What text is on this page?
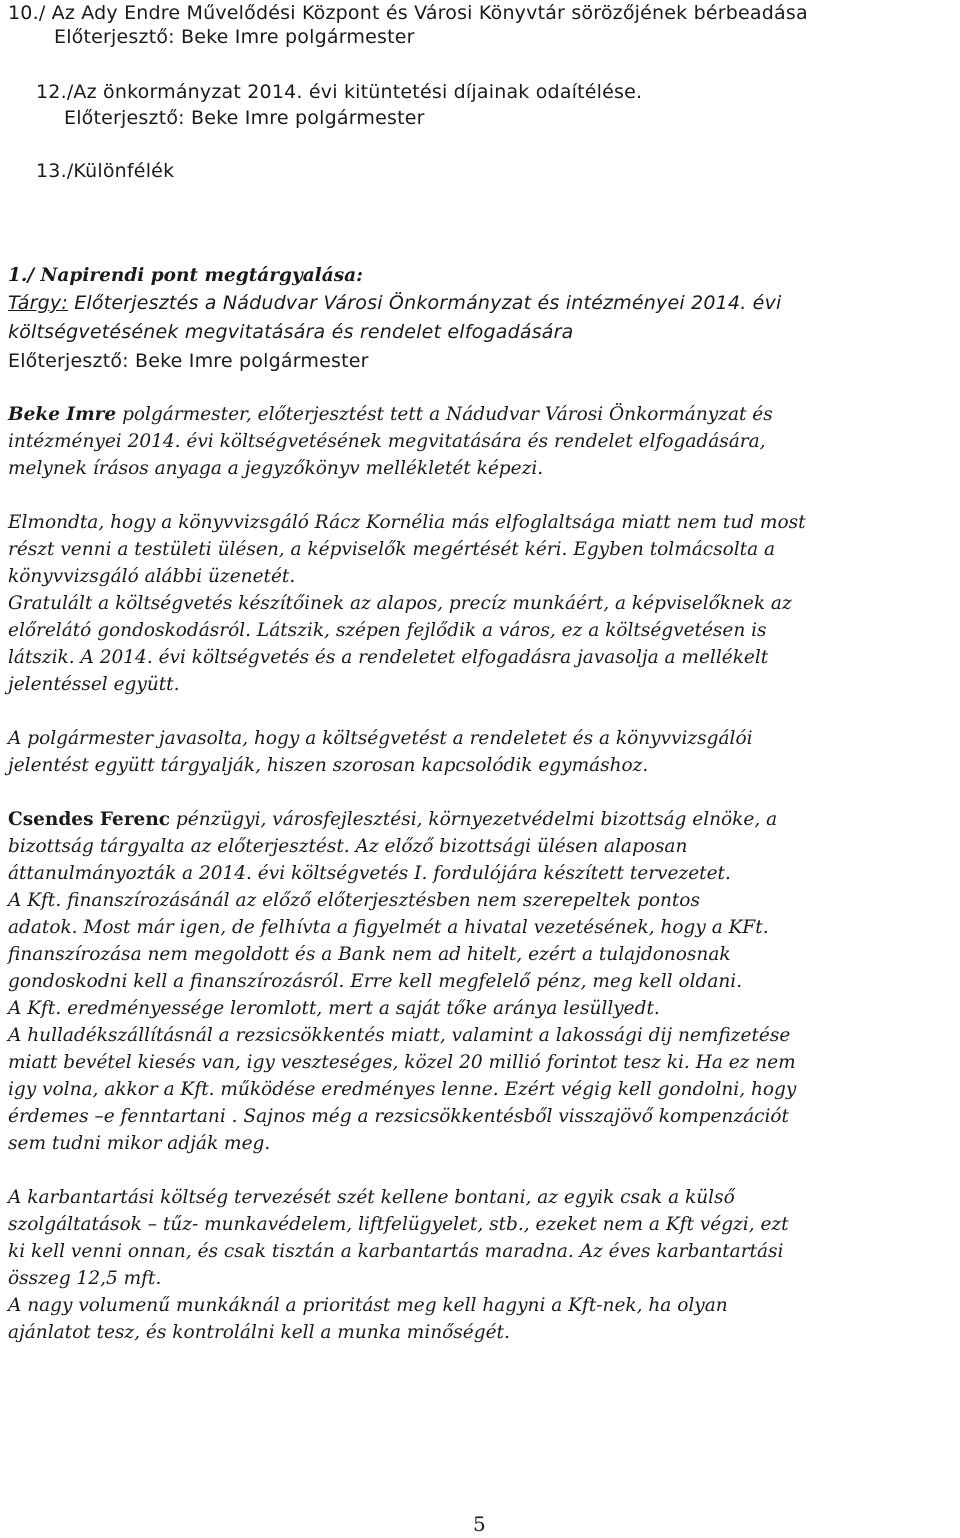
10./ Az Ady Endre Művelődési Központ és Városi Könyvtár sörözőjének bérbeadása
Előterjesztő: Beke Imre polgármester
12./Az önkormányzat 2014. évi kitüntetési díjainak odaítélése.
Előterjesztő: Beke Imre polgármester
13./Különfélék
1./ Napirendi pont megtárgyalása:
Tárgy: Előterjesztés a Nádudvar Városi Önkormányzat és intézményei 2014. évi
költségvetésének megvitatására és rendelet elfogadására
Előterjesztő: Beke Imre polgármester
Beke Imre polgármester, előterjesztést tett a Nádudvar Városi Önkormányzat és
intézményei 2014. évi költségvetésének megvitatására és rendelet elfogadására,
melynek írásos anyaga a jegyzőkönyv mellékletét képezi.
Elmondta, hogy a könyvvizsgáló Rácz Kornélia más elfoglaltsága miatt nem tud most
részt venni a testületi ülésen, a képviselők megértését kéri. Egyben tolmácsolta a
könyvvizsgáló alábbi üzenetét.
Gratulált a költségvetés készítőinek az alapos, precíz munkáért, a képviselőknek az
előrelátó gondoskodásról. Látszik, szépen fejlődik a város, ez a költségvetésen is
látszik. A 2014. évi költségvetés és a rendeletet elfogadásra javasolja a mellékelt
jelentéssel együtt.
A polgármester javasolta, hogy a költségvetést a rendeletet és a könyvvizsgálói
jelentést együtt tárgyalják, hiszen szorosan kapcsolódik egymáshoz.
Csendes Ferenc pénzügyi, városfejlesztési, környezetvédelmi bizottság elnöke, a
bizottság tárgyalta az előterjesztést. Az előző bizottsági ülésen alaposan
áttanulmányozták a 2014. évi költségvetés I. fordulójára készített tervezetet.
A Kft. finanszírozásánál az előző előterjesztésben nem szerepeltek pontos
adatok. Most már igen, de felhívta a figyelmét a hivatal vezetésének, hogy a KFt.
finanszírozása nem megoldott és a Bank nem ad hitelt, ezért a tulajdonosnak
gondoskodni kell a finanszírozásról. Erre kell megfelelő pénz, meg kell oldani.
A Kft. eredményessége leromlott, mert a saját tőke aránya lesüllyedt.
A hulladékszállításnál a rezsicsökkentés miatt, valamint a lakossági dij nemfizetése
miatt bevétel kiesés van, igy veszteséges, közel 20 millió forintot tesz ki. Ha ez nem
igy volna, akkor a Kft. működése eredményes lenne. Ezért végig kell gondolni, hogy
érdemes –e fenntartani . Sajnos még a rezsicsökkentésből visszajövő kompenzációt
sem tudni mikor adják meg.
A karbantartási költség tervezését szét kellene bontani, az egyik csak a külső
szolgáltatások – tűz- munkavédelem, liftfelügyelet, stb., ezeket nem a Kft végzi, ezt
ki kell venni onnan, és csak tisztán a karbantartás maradna. Az éves karbantartási
összeg 12,5 mft.
A nagy volumenű munkáknál a prioritást meg kell hagyni a Kft-nek, ha olyan
ajánlatot tesz, és kontrolálni kell a munka minőségét.
5
